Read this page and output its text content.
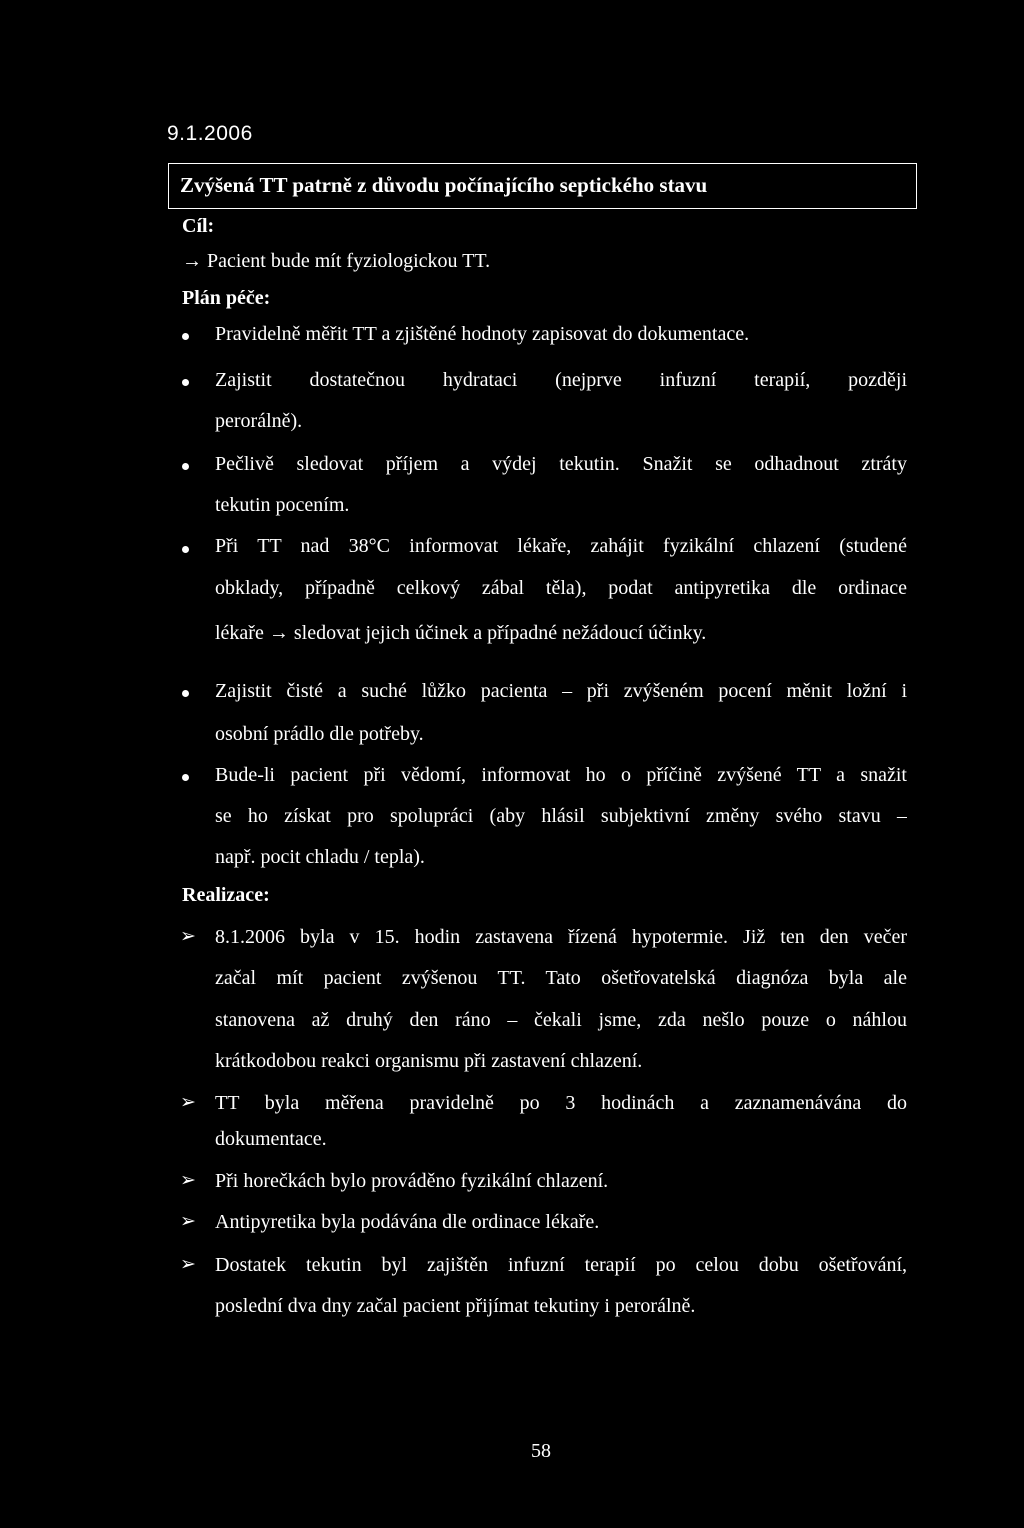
9.1.2006
Zvýšená TT patrně z důvodu počínajícího septického stavu
Cíl:
→ Pacient bude mít fyziologickou TT.
Plán péče:
Pravidelně měřit TT a zjištěné hodnoty zapisovat do dokumentace.
Zajistit dostatečnou hydrataci (nejprve infuzní terapií, později
perorálně).
Pečlivě sledovat příjem a výdej tekutin. Snažit se odhadnout ztráty
tekutin pocením.
Při TT nad 38°C informovat lékaře, zahájit fyzikální chlazení (studené
obklady, případně celkový zábal těla), podat antipyretika dle ordinace
lékaře → sledovat jejich účinek a případné nežádoucí účinky.
Zajistit čisté a suché lůžko pacienta – při zvýšeném pocení měnit ložní i
osobní prádlo dle potřeby.
Bude-li pacient při vědomí, informovat ho o příčině zvýšené TT a snažit
se ho získat pro spolupráci (aby hlásil subjektivní změny svého stavu –
např. pocit chladu / tepla).
Realizace:
➢ 8.1.2006 byla v 15. hodin zastavena řízená hypotermie. Již ten den večer
začal mít pacient zvýšenou TT. Tato ošetřovatelská diagnóza byla ale
stanovena až druhý den ráno – čekali jsme, zda nešlo pouze o náhlou
krátkodobou reakci organismu při zastavení chlazení.
➢ TT byla měřena pravidelně po 3 hodinách a zaznamenávána do
dokumentace.
➢ Při horečkách bylo prováděno fyzikální chlazení.
➢ Antipyretika byla podávána dle ordinace lékaře.
➢ Dostatek tekutin byl zajištěn infuzní terapií po celou dobu ošetřování,
poslední dva dny začal pacient přijímat tekutiny i perorálně.
58
